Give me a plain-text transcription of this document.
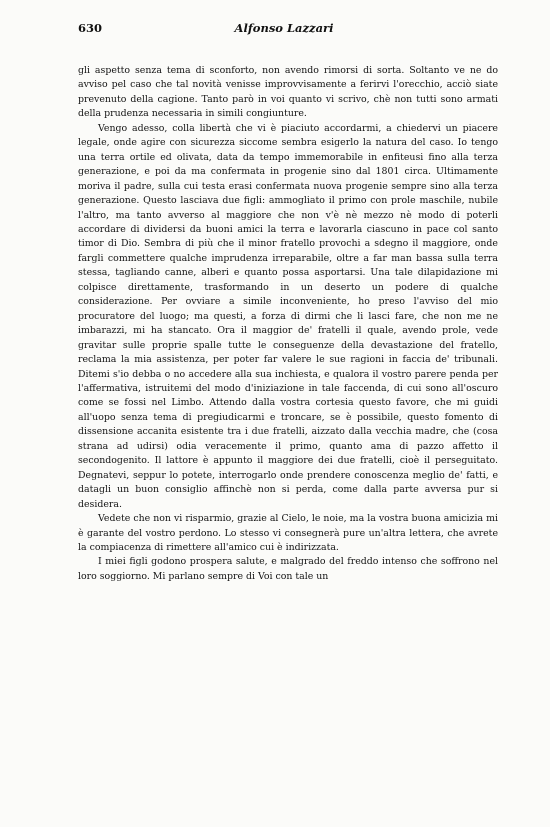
630	Alfonso Lazzari

gli aspetto senza tema di sconforto, non avendo rimorsi di sorta. Soltanto ve ne do avviso pel caso che tal novità venisse improvvisamente a ferirvi l'orecchio, acciò siate prevenuto della cagione. Tanto parò in voi quanto vi scrivo, chè non tutti sono armati della prudenza necessaria in simili congiunture.

Vengo adesso, colla libertà che vi è piaciuto accordarmi, a chiedervi un piacere legale, onde agire con sicurezza siccome sembra esigerlo la natura del caso. Io tengo una terra ortile ed olivata, data da tempo immemorabile in enfiteusi fino alla terza generazione, e poi da ma confermata in progenie sino dal 1801 circa. Ultimamente moriva il padre, sulla cui testa erasi confermata nuova progenie sempre sino alla terza generazione. Questo lasciava due figli: ammogliato il primo con prole maschile, nubile l'altro, ma tanto avverso al maggiore che non v'è nè mezzo nè modo di poterli accordare di dividersi da buoni amici la terra e lavorarla ciascuno in pace col santo timor di Dio. Sembra di più che il minor fratello provochi a sdegno il maggiore, onde fargli commettere qualche imprudenza irreparabile, oltre a far man bassa sulla terra stessa, tagliando canne, alberi e quanto possa asportarsi. Una tale dilapidazione mi colpisce direttamente, trasformando in un deserto un podere di qualche considerazione. Per ovviare a simile inconveniente, ho preso l'avviso del mio procuratore del luogo; ma questi, a forza di dirmi che li lasci fare, che non me ne imbarazzi, mi ha stancato. Ora il maggior de' fratelli il quale, avendo prole, vede gravitar sulle proprie spalle tutte le conseguenze della devastazione del fratello, reclama la mia assistenza, per poter far valere le sue ragioni in faccia de' tribunali. Ditemi s'io debba o no accedere alla sua inchiesta, e qualora il vostro parere penda per l'affermativa, istruitemi del modo d'iniziazione in tale faccenda, di cui sono all'oscuro come se fossi nel Limbo. Attendo dalla vostra cortesia questo favore, che mi guidi all'uopo senza tema di pregiudicarmi e troncare, se è possibile, questo fomento di dissensione accanita esistente tra i due fratelli, aizzato dalla vecchia madre, che (cosa strana ad udirsi) odia veracemente il primo, quanto ama di pazzo affetto il secondogenito. Il lattore è appunto il maggiore dei due fratelli, cioè il perseguitato. Degnatevi, seppur lo potete, interrogarlo onde prendere conoscenza meglio de' fatti, e datagli un buon consiglio affinchè non si perda, come dalla parte avversa pur si desidera.

Vedete che non vi risparmio, grazie al Cielo, le noie, ma la vostra buona amicizia mi è garante del vostro perdono. Lo stesso vi consegnerà pure un'altra lettera, che avrete la compiacenza di rimettere all'amico cui è indirizzata.

I miei figli godono prospera salute, e malgrado del freddo intenso che soffrono nel loro soggiorno. Mi parlano sempre di Voi con tale un
